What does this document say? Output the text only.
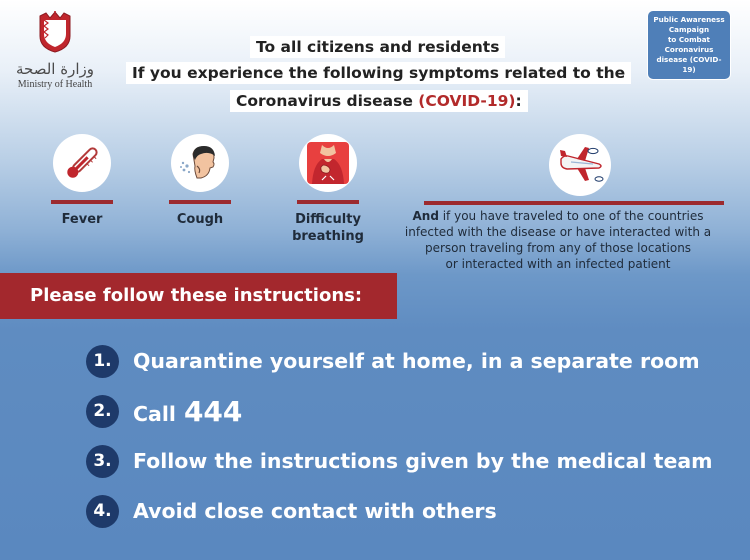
وزارة الصحة
Ministry of Health
Public Awareness
Campaign
to Combat
Coronavirus
disease (COVID-19)
To all citizens and residents
If you experience the following symptoms related to the
Coronavirus disease (COVID-19):
Fever	Cough	Difficulty
breathing
And if you have traveled to one of the countries
infected with the disease or have interacted with a
person traveling from any of those locations
or interacted with an infected patient
Please follow these instructions:
1.	Quarantine yourself at home, in a separate room
2.	Call 444
3.	Follow the instructions given by the medical team
4.	Avoid close contact with others
